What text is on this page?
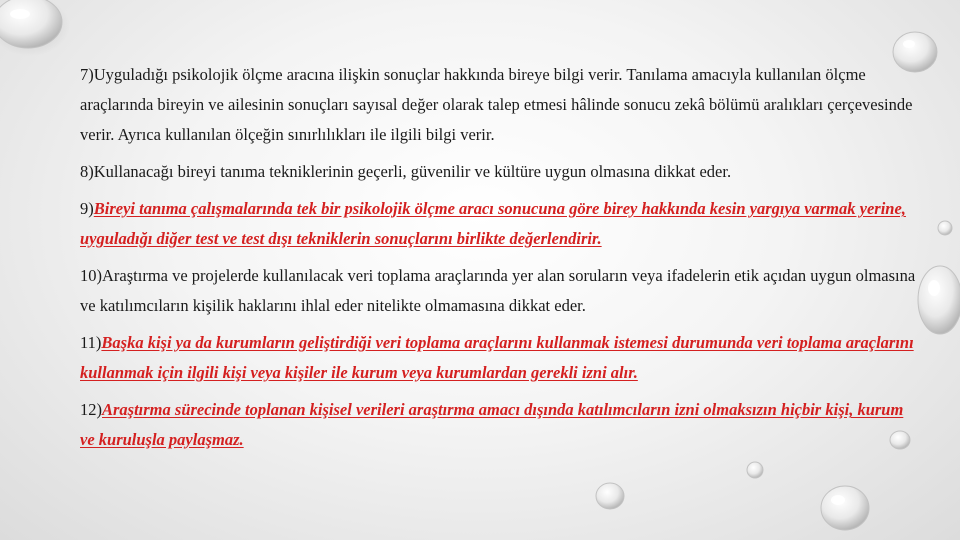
7)Uyguladığı psikolojik ölçme aracına ilişkin sonuçlar hakkında bireye bilgi verir. Tanılama amacıyla kullanılan ölçme araçlarında bireyin ve ailesinin sonuçları sayısal değer olarak talep etmesi hâlinde sonucu zekâ bölümü aralıkları çerçevesinde verir. Ayrıca kullanılan ölçeğin sınırlılıkları ile ilgili bilgi verir.

8)Kullanacağı bireyi tanıma tekniklerinin geçerli, güvenilir ve kültüre uygun olmasına dikkat eder.

9)Bireyi tanıma çalışmalarında tek bir psikolojik ölçme aracı sonucuna göre birey hakkında kesin yargıya varmak yerine, uyguladığı diğer test ve test dışı tekniklerin sonuçlarını birlikte değerlendirir.

10)Araştırma ve projelerde kullanılacak veri toplama araçlarında yer alan soruların veya ifadelerin etik açıdan uygun olmasına ve katılımcıların kişilik haklarını ihlal eder nitelikte olmamasına dikkat eder.

11)Başka kişi ya da kurumların geliştirdiği veri toplama araçlarını kullanmak istemesi durumunda veri toplama araçlarını kullanmak için ilgili kişi veya kişiler ile kurum veya kurumlardan gerekli izni alır.

12)Araştırma sürecinde toplanan kişisel verileri araştırma amacı dışında katılımcıların izni olmaksızın hiçbir kişi, kurum ve kuruluşla paylaşmaz.
